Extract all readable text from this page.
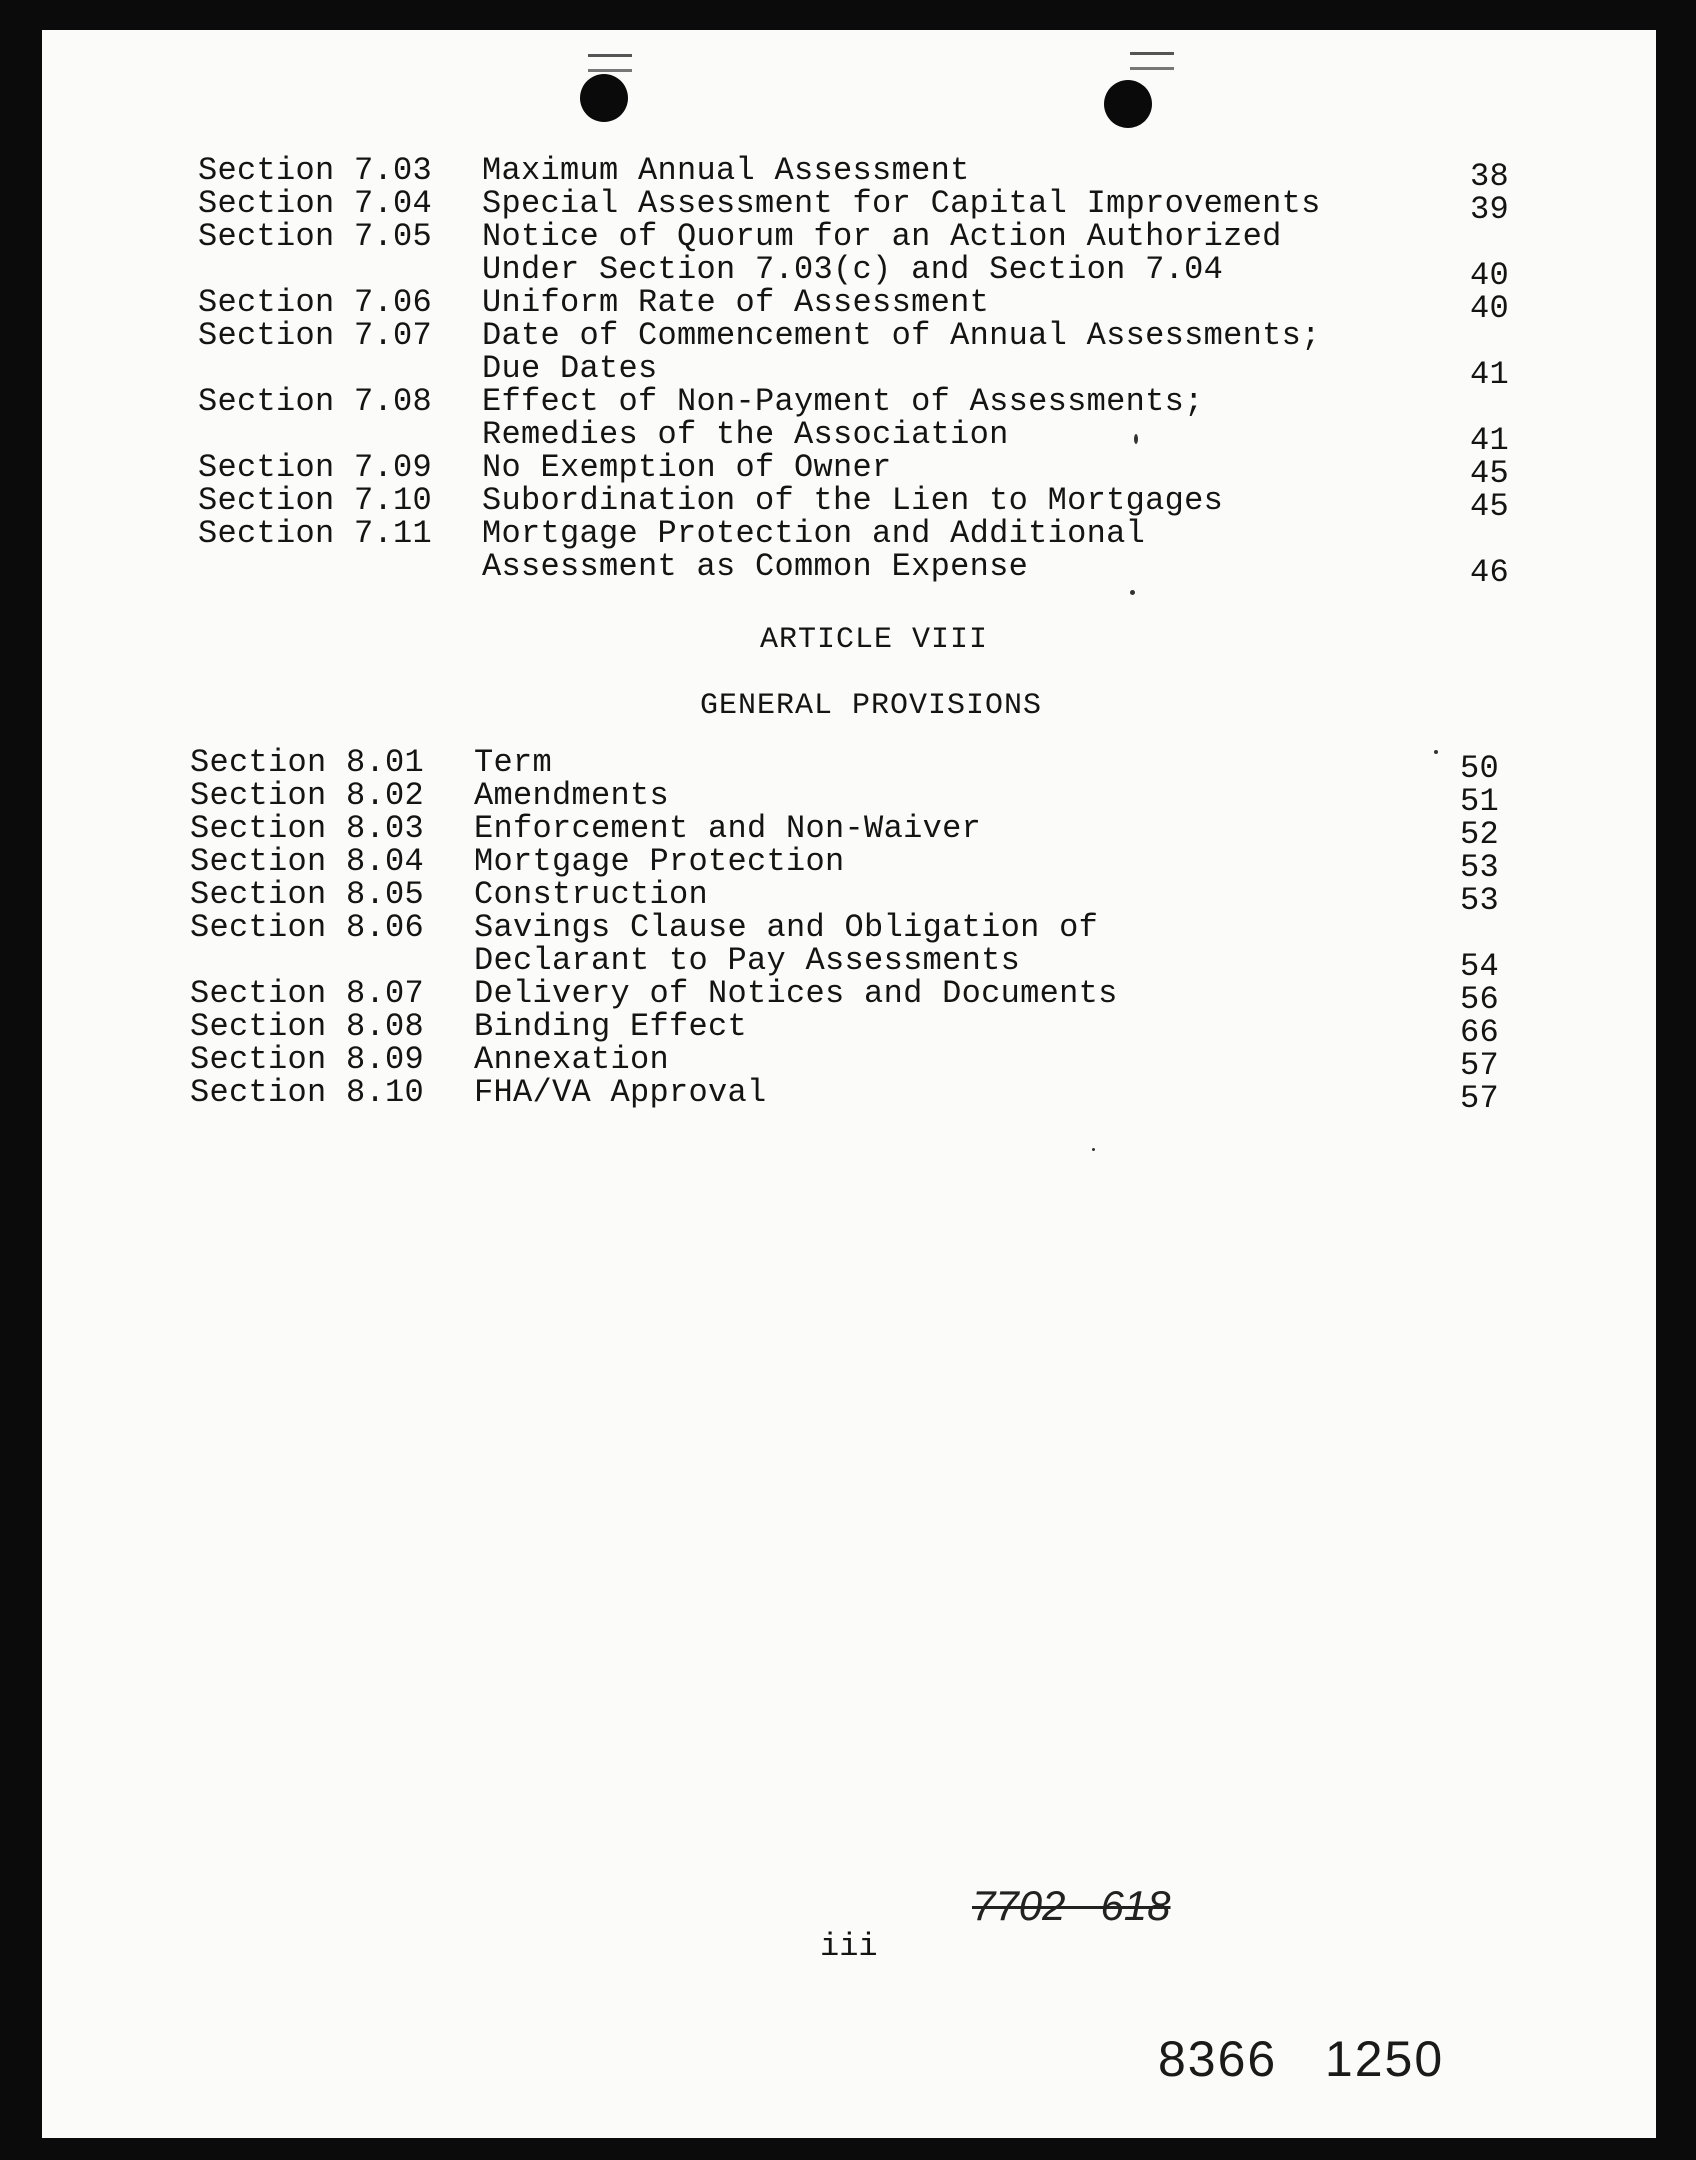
Section 7.03 Maximum Annual Assessment	38
Section 7.04 Special Assessment for Capital Improvements	39
Section 7.05 Notice of Quorum for an Action Authorized
Under Section 7.03(c) and Section 7.04	40
Section 7.06 Uniform Rate of Assessment	40
Section 7.07 Date of Commencement of Annual Assessments;
Due Dates	41
Section 7.08 Effect of Non-Payment of Assessments;
Remedies of the Association	41
Section 7.09 No Exemption of Owner	45
Section 7.10 Subordination of the Lien to Mortgages	45
Section 7.11 Mortgage Protection and Additional
Assessment as Common Expense	46
ARTICLE VIII
GENERAL PROVISIONS
Section 8.01 Term	50
Section 8.02 Amendments	51
Section 8.03 Enforcement and Non-Waiver	52
Section 8.04 Mortgage Protection	53
Section 8.05 Construction	53
Section 8.06 Savings Clause and Obligation of
Declarant to Pay Assessments	54
Section 8.07 Delivery of Notices and Documents	56
Section 8.08 Binding Effect	66
Section 8.09 Annexation	57
Section 8.10 FHA/VA Approval	57
iii
7702   618
8366   1250
